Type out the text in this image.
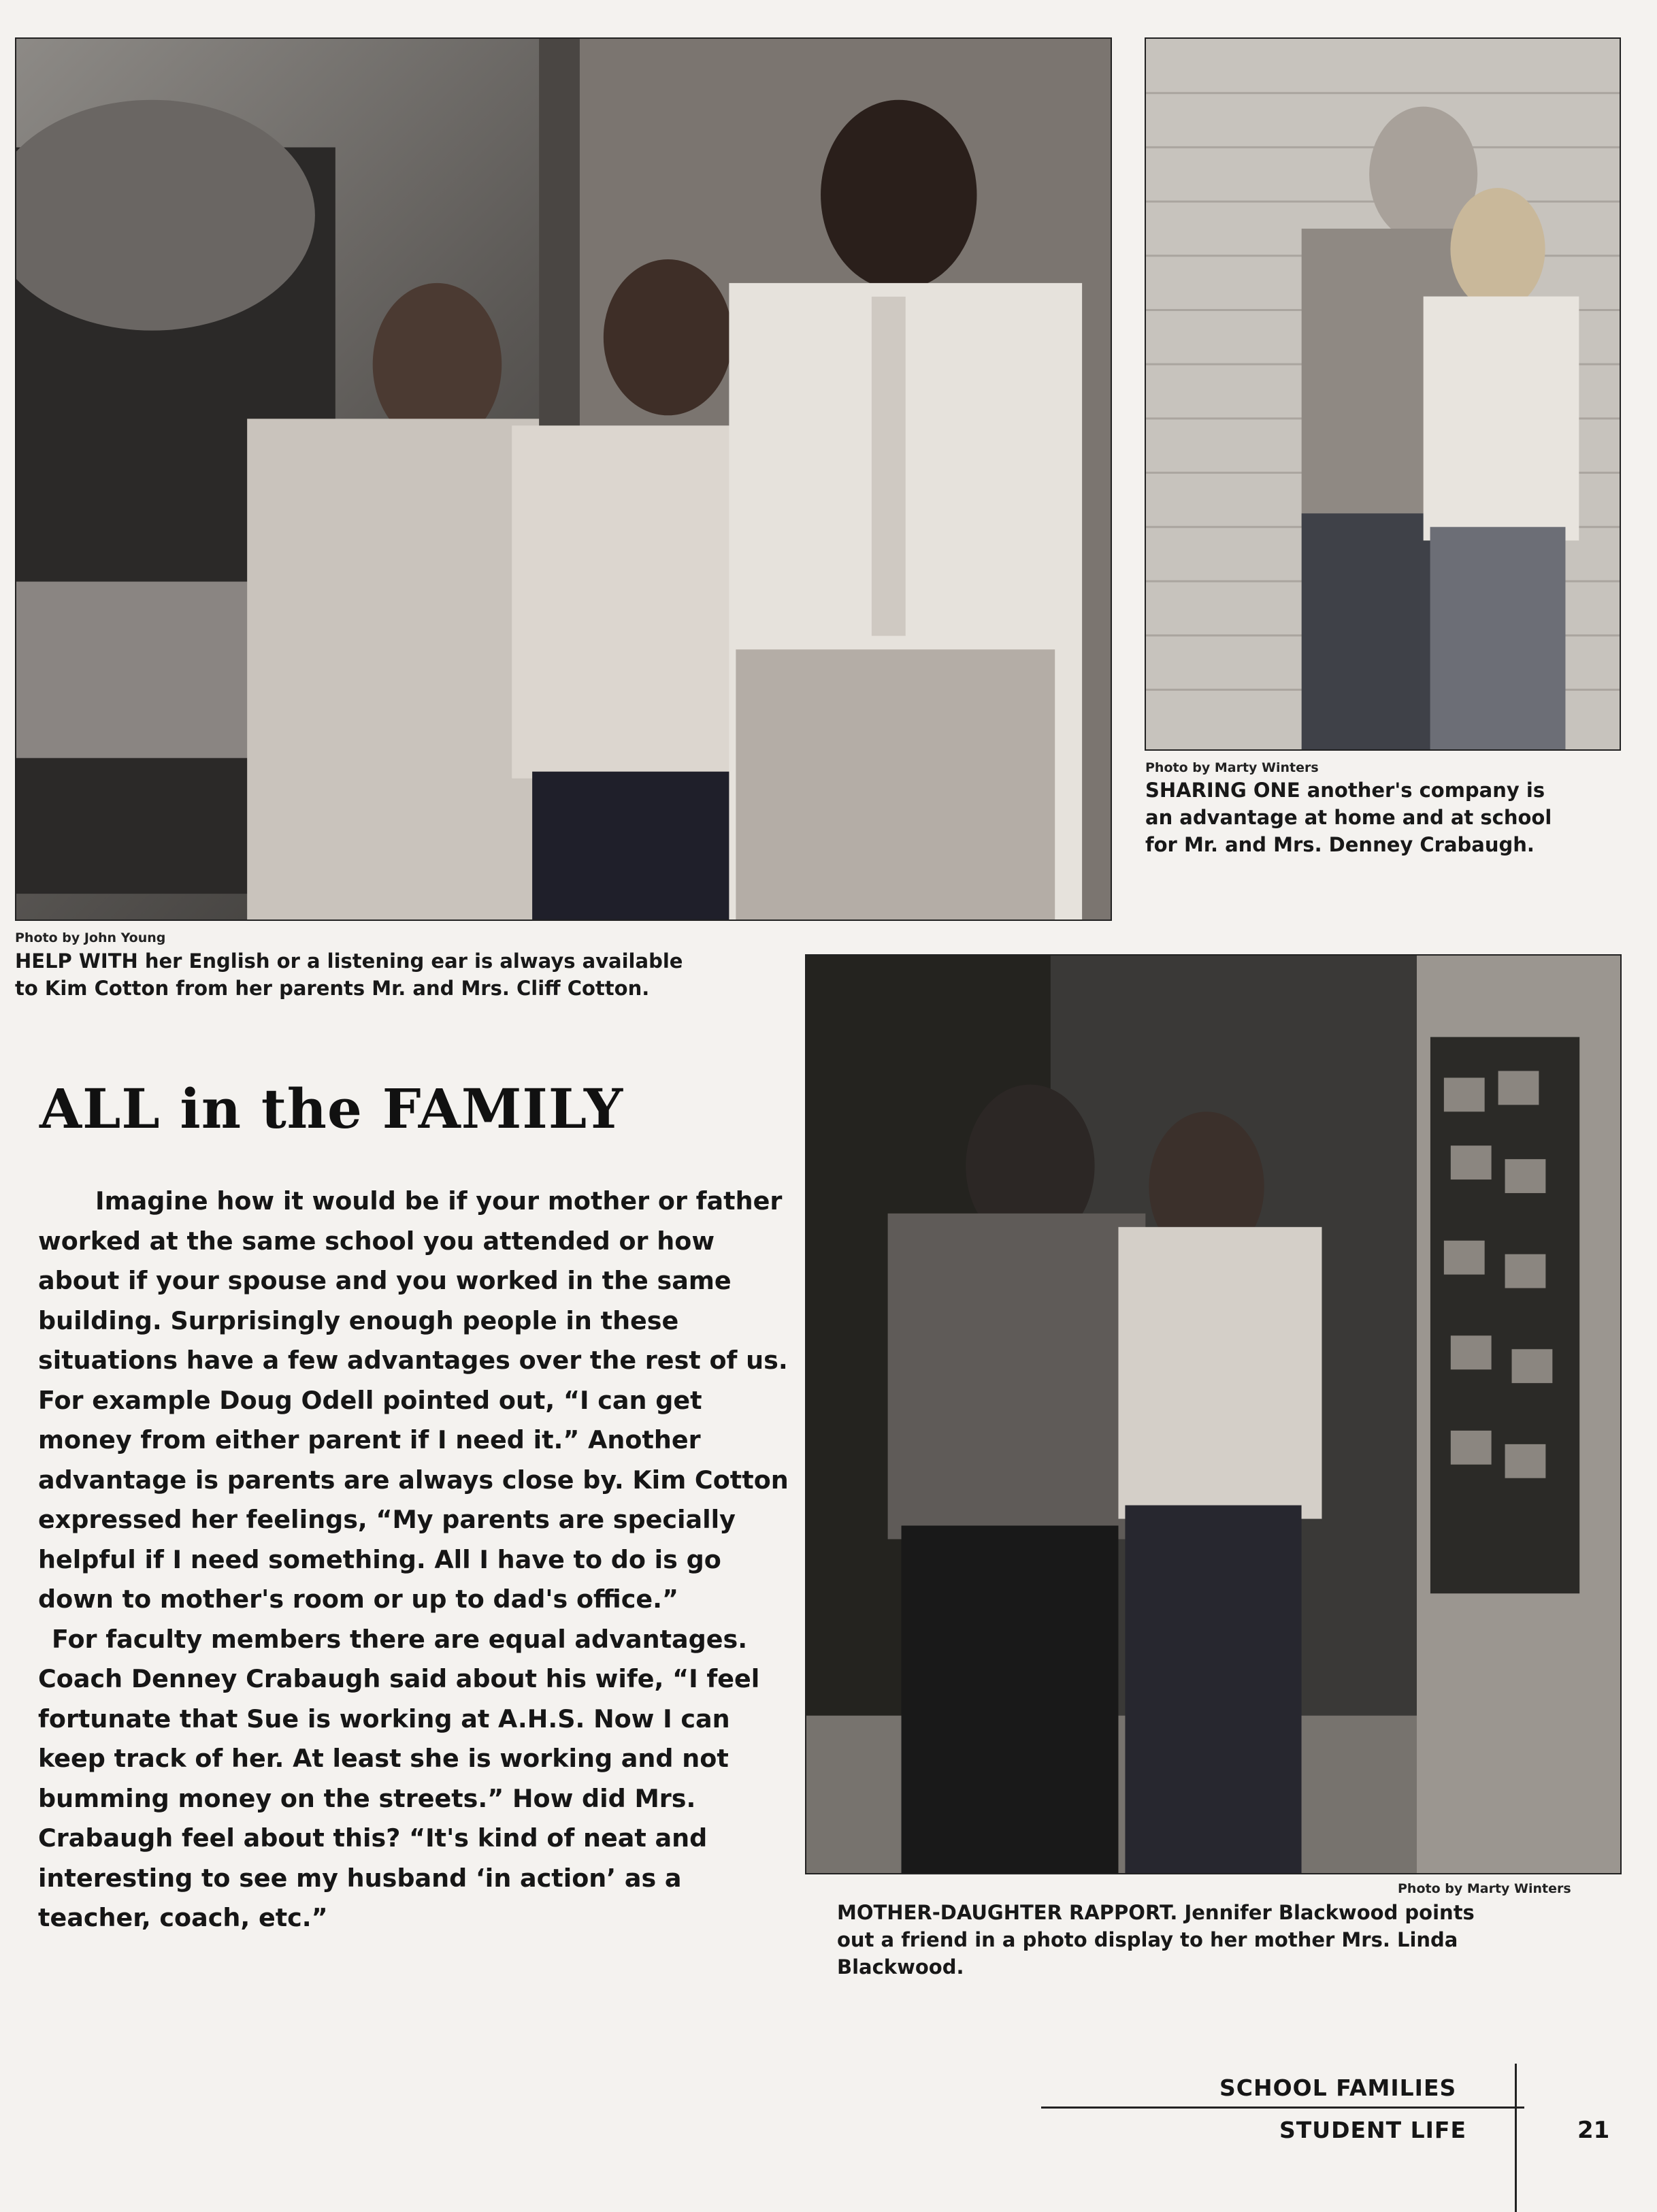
Photo by John Young
HELP WITH her English or a listening ear is always available
to Kim Cotton from her parents Mr. and Mrs. Cliff Cotton.
Photo by Marty Winters
SHARING ONE another's company is
an advantage at home and at school
for Mr. and Mrs. Denney Crabaugh.
ALL in the FAMILY

Imagine how it would be if your mother or father worked at the same school you attended or how about if your spouse and you worked in the same building. Surprisingly enough people in these situations have a few advantages over the rest of us. For example Doug Odell pointed out, “I can get money from either parent if I need it.” Another advantage is parents are always close by. Kim Cotton expressed her feelings, “My parents are specially helpful if I need something. All I have to do is go down to mother's room or up to dad's office.”

For faculty members there are equal advantages. Coach Denney Crabaugh said about his wife, “I feel fortunate that Sue is working at A.H.S. Now I can keep track of her. At least she is working and not bumming money on the streets.” How did Mrs. Crabaugh feel about this? “It's kind of neat and interesting to see my husband ‘in action’ as a teacher, coach, etc.”

Photo by Marty Winters
MOTHER-DAUGHTER RAPPORT. Jennifer Blackwood points
out a friend in a photo display to her mother Mrs. Linda
Blackwood.
SCHOOL FAMILIES
STUDENT LIFE	21
